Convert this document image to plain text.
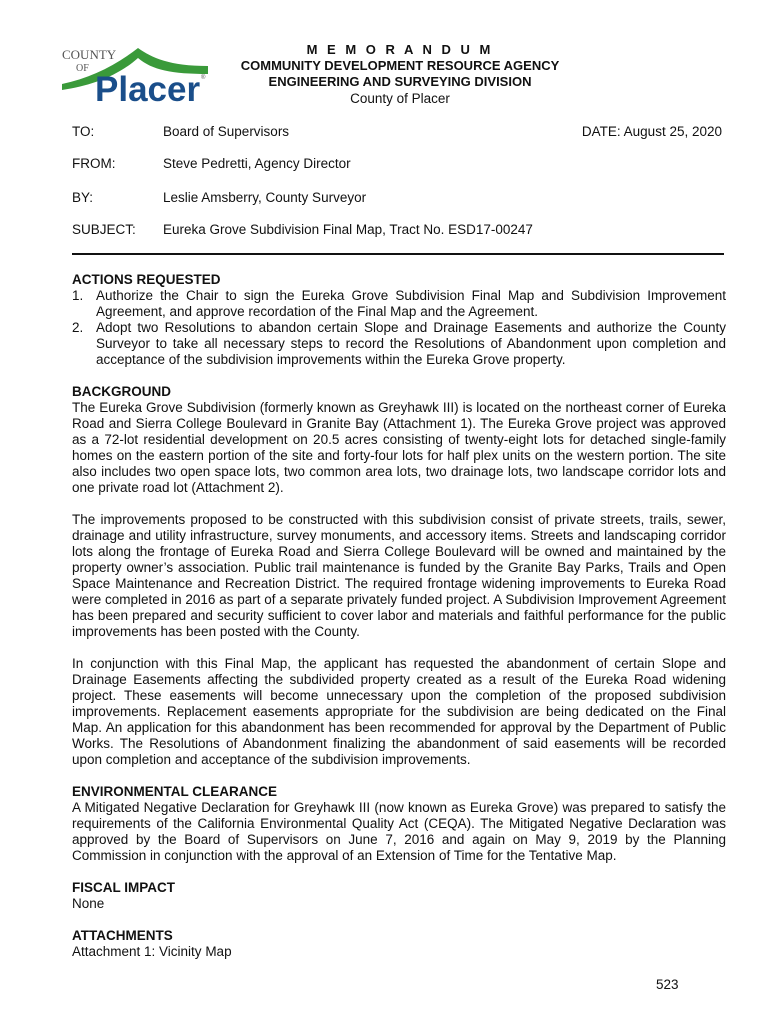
COUNTY
OF
Placer ®
M E M O R A N D U M
COMMUNITY DEVELOPMENT RESOURCE AGENCY
ENGINEERING AND SURVEYING DIVISION
County of Placer
TO:	Board of Supervisors	DATE: August 25, 2020
FROM:	Steve Pedretti, Agency Director
BY:	Leslie Amsberry, County Surveyor
SUBJECT: Eureka Grove Subdivision Final Map, Tract No. ESD17-00247
ACTIONS REQUESTED
1. Authorize the Chair to sign the Eureka Grove Subdivision Final Map and Subdivision Improvement Agreement, and approve recordation of the Final Map and the Agreement.
2. Adopt two Resolutions to abandon certain Slope and Drainage Easements and authorize the County Surveyor to take all necessary steps to record the Resolutions of Abandonment upon completion and acceptance of the subdivision improvements within the Eureka Grove property.
BACKGROUND

The Eureka Grove Subdivision (formerly known as Greyhawk III) is located on the northeast corner of Eureka Road and Sierra College Boulevard in Granite Bay (Attachment 1). The Eureka Grove project was approved as a 72-lot residential development on 20.5 acres consisting of twenty-eight lots for detached single-family homes on the eastern portion of the site and forty-four lots for half plex units on the western portion. The site also includes two open space lots, two common area lots, two drainage lots, two landscape corridor lots and one private road lot (Attachment 2).

The improvements proposed to be constructed with this subdivision consist of private streets, trails, sewer, drainage and utility infrastructure, survey monuments, and accessory items. Streets and landscaping corridor lots along the frontage of Eureka Road and Sierra College Boulevard will be owned and maintained by the property owner’s association. Public trail maintenance is funded by the Granite Bay Parks, Trails and Open Space Maintenance and Recreation District. The required frontage widening improvements to Eureka Road were completed in 2016 as part of a separate privately funded project. A Subdivision Improvement Agreement has been prepared and security sufficient to cover labor and materials and faithful performance for the public improvements has been posted with the County.

In conjunction with this Final Map, the applicant has requested the abandonment of certain Slope and Drainage Easements affecting the subdivided property created as a result of the Eureka Road widening project. These easements will become unnecessary upon the completion of the proposed subdivision improvements. Replacement easements appropriate for the subdivision are being dedicated on the Final Map. An application for this abandonment has been recommended for approval by the Department of Public Works. The Resolutions of Abandonment finalizing the abandonment of said easements will be recorded upon completion and acceptance of the subdivision improvements.

ENVIRONMENTAL CLEARANCE

A Mitigated Negative Declaration for Greyhawk III (now known as Eureka Grove) was prepared to satisfy the requirements of the California Environmental Quality Act (CEQA). The Mitigated Negative Declaration was approved by the Board of Supervisors on June 7, 2016 and again on May 9, 2019 by the Planning Commission in conjunction with the approval of an Extension of Time for the Tentative Map.

FISCAL IMPACT

None

ATTACHMENTS

Attachment 1: Vicinity Map

523
